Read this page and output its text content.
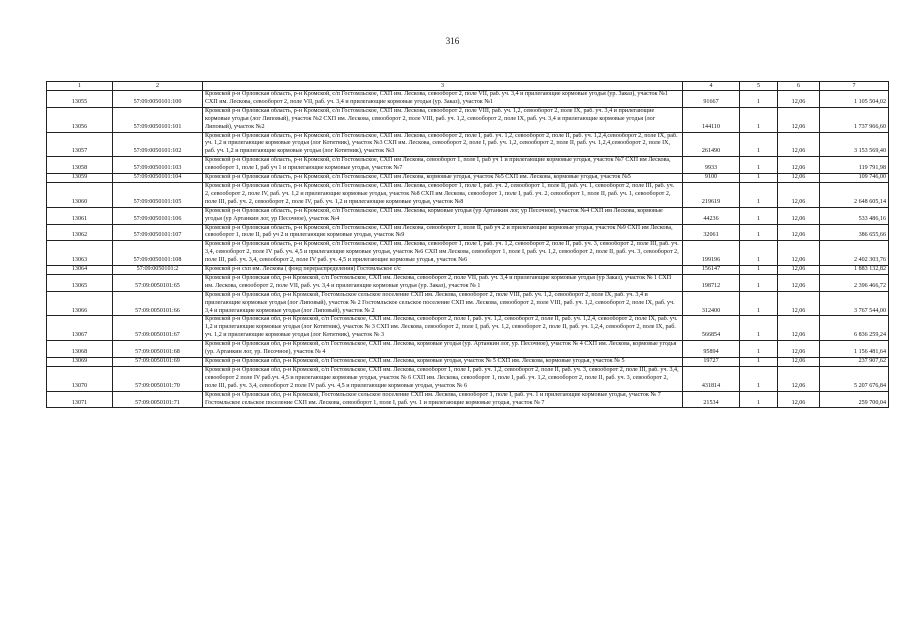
316
1	2	3	4	5	6	7
13055	57:09:0050101:100	Кромской р-н Орловская область, р-н Кромской, с/п Гостомльское, СХП им. Лескова, севооборот 2, поле VII, раб. уч. 3,4 и прилегающие кормовые угодья (ур. Заказ), участок №1 СХП им. Лескова, севооборот 2, поле VII, раб. уч. 3,4 и прилегающие кормовые угодья (ур. Заказ), участок №1	91667	1	12,06	1 105 504,02
13056	57:09:0050101:101	Кромской р-н Орловская область, р-н Кромской, с/п Гостомльское, СХП им. Лескова, севооборот 2, поле VIII, раб. уч. 1,2, севооборот 2, поле IX, раб. уч. 3,4 и прилегающие кормовые угодья (лог Липовый), участок №2 СХП им. Лескова, севооборот 2, поле VIII, раб. уч. 1,2, севооборот 2, поле IX, раб. уч. 3,4 и прилегающие кормовые угодья (лог Липовый), участок №2	144110	1	12,06	1 737 966,60
13057	57:09:0050101:102	Кромской р-н Орловская область, р-н Кромской, с/п Гостомльское, СХП им. Лескова, севооборот 2, поле I, раб. уч. 1,2, севооборот 2, поле II, раб. уч. 1,2,4,севооборот 2, поле IX, раб. уч. 1,2 и прилегающие кормовые угодья (лог Котятник), участок №3 СХП им. Лескова, севооборот 2, поле I, раб. уч. 1,2, севооборот 2, поле II, раб. уч. 1,2,4,севооборот 2, поле IX, раб. уч. 1,2 и прилегающие кормовые угодья (лог Котятник), участок №3	261490	1	12,06	3 153 569,40
13058	57:09:0050101:103	Кромской р-н Орловская область, р-н Кромской, с/п Гостомльское, СХП им Лескова, севооборот 1, поле I, раб уч 1 и прилегающие кормовые угодья, участок №7 СХП им Лескова, севооборот 1, поле I, раб уч 1 и прилегающие кормовые угодья, участок №7	9933	1	12,06	119 791,98
13059	57:09:0050101:104	Кромской р-н Орловская область, р-н Кромской, с/п Гостомльское, СХП им Лескова, кормовые угодья, участок №5 СХП им. Лескова, кормовые угодья, участок №5	9100	1	12,06	109 746,00
13060	57:09:0050101:105	Кромской р-н Орловская область, р-н Кромской, с/п Гостомльское, СХП им. Лескова, севооборот 1, поле I, раб. уч. 2, севооборот 1, поле II, раб. уч. 1, севооборот 2, поле III, раб. уч. 2, севооборот 2, поле IV, раб. уч. 1,2 и прилегающие кормовые угодья, участок №8 СХП им Лескова, севооборот 1, поле I, раб. уч. 2, севооборот 1, поле II, раб. уч. 1, севооборот 2, поле III, раб. уч. 2, севооборот 2, поле IV, раб. уч. 1,2 и прилегающие кормовые угодья, участок №8	219619	1	12,06	2 648 605,14
13061	57:09:0050101:106	Кромской р-н Орловская область, р-н Кромской, с/п Гостомльское, СХП им. Лескова, кормовые угодья (ур Артанкин лог, ур Песочное), участок №4 СХП им Лескова, кормовые угодья (ур Артанкин лог, ур Песочное), участок №4	44236	1	12,06	533 486,16
13062	57:09:0050101:107	Кромской р-н Орловская область, р-н Кромской, с/п Гостомльское, СХП им Лескова, севооборот 1, поле II, раб уч 2 и прилегающие кормовые угодья, участок №9 СХП им Лескова, севооборот 1, поле II, раб уч 2 и прилегающие кормовые угодья, участок №9	32061	1	12,06	386 655,66
13063	57:09:0050101:108	Кромской р-н Орловская область, р-н Кромской, с/п Гостомльское, СХП им. Лескова, севооборот 1, поле I, раб. уч. 1,2, севооборот 2, поле II, раб. уч. 3, севооборот 2, поле III, раб. уч. 3,4, севооборот 2, поле IV раб. уч. 4,5 и прилегающие кормовые угодья, участок №6 СХП им Лескова, севооборот 1, поле I, раб. уч. 1,2, севооборот 2, поле II, раб. уч. 3, севооборот 2, поле III, раб. уч. 3,4, севооборот 2, поле IV раб. уч. 4,5 и прилегающие кормовые угодья, участок №6	199196	1	12,06	2 402 303,76
13064	57:09:0050101:2	Кромской р-н схп им. Лескова ( фонд перераспределения) Гостомльское с/с	156147	1	12,06	1 883 132,82
13065	57:09:0050101:65	Кромской р-н Орловская обл, р-н Кромской, с/п Гостомльское, СХП им. Лескова, севооборот 2, поле VII, раб. уч. 3,4 и прилегающие кормовые угодья (ур Заказ), участок № 1 СХП им. Лескова, севооборот 2, поле VII, раб. уч. 3,4 и прилегающие кормовые угодья (ур. Заказ), участок № 1	198712	1	12,06	2 396 466,72
13066	57:09:0050101:66	Кромской р-н Орловская обл, р-н Кромской, Гостомльское сельское поселение СХП им. Лескова, севооборот 2, поле VIII, раб. уч. 1,2, севооборот 2, поле IX, раб. уч. 3,4 и прилегающие кормовые угодья (лог Липовый), участок № 2 Гостомльское сельское поселение СХП им. Лескова, севооборот 2, поле VIII, раб. уч. 1,2, севооборот 2, поле IX, раб. уч. 3,4 и прилегающие кормовые угодья (лог Липовый), участок № 2	312400	1	12,06	3 767 544,00
13067	57:09:0050101:67	Кромской р-н Орловская обл, р-н Кромской, с/п Гостомльское, СХП им. Лескова, севооборот 2, поле I, раб. уч. 1,2, севооборот 2, поле II, раб. уч. 1,2,4, севооборот 2, поле IX, раб. уч. 1,2 и прилегающие кормовые угодья (лог Котятник), участок № 3 СХП им. Лескова, севооборот 2, поле I, раб. уч. 1,2, севооборот 2, поле II, раб. уч. 1,2,4, севооборот 2, поле IX, раб. уч. 1,2 и прилегающие кормовые угодья (лог Котятник), участок № 3	566854	1	12,06	6 836 259,24
13068	57:09:0050101:68	Кромской р-н Орловская обл, р-н Кромской, с/п Гостомльское, СХП им. Лескова, кормовые угодья (ур. Артанкин лог, ур. Песочное), участок № 4 СХП им. Лескова, кормовые угодья (ур. Артанкин лог, ур. Песочное), участок № 4	95894	1	12,06	1 156 481,64
13069	57:09:0050101:69	Кромской р-н Орловская обл, р-н Кромской, с/п Гостомльское, СХП им. Лескова, кормовые угодья, участок № 5 СХП им. Лескова, кормовые угодья, участок № 5	19727	1	12,06	237 907,62
13070	57:09:0050101:70	Кромской р-н Орловская обл, р-н Кромской, с/п Гостомльское, СХП им. Лескова, севооборот 1, поле I, раб. уч. 1,2, севооборот 2, поле II, раб. уч. 3, севооборот 2, поле III, раб. уч. 3,4, севооборот 2 поле IV раб.уч. 4,5 и прилегающие кормовые угодья, участок № 6 СХП им. Лескова, севооборот 1, поле I, раб. уч. 1,2, севооборот 2, поле II, раб. уч. 3, севооборот 2, поле III, раб. уч. 3,4, севооборот 2 поле IV раб. уч. 4,5 и прилегающие кормовые угодья, участок № 6	431814	1	12,06	5 207 676,84
13071	57:09:0050101:71	Кромской р-н Орловская обл, р-н Кромской, Гостомльское сельское поселение СХП им. Лескова, севооборот 1, поле I, раб. уч. 1 и прилегающие кормовые угодья, участок № 7 Гостомльское сельское поселение СХП им. Лескова, севооборот 1, поле I, раб. уч. 1 и прилегающие кормовые угодья, участок № 7	21534	1	12,06	259 700,04
